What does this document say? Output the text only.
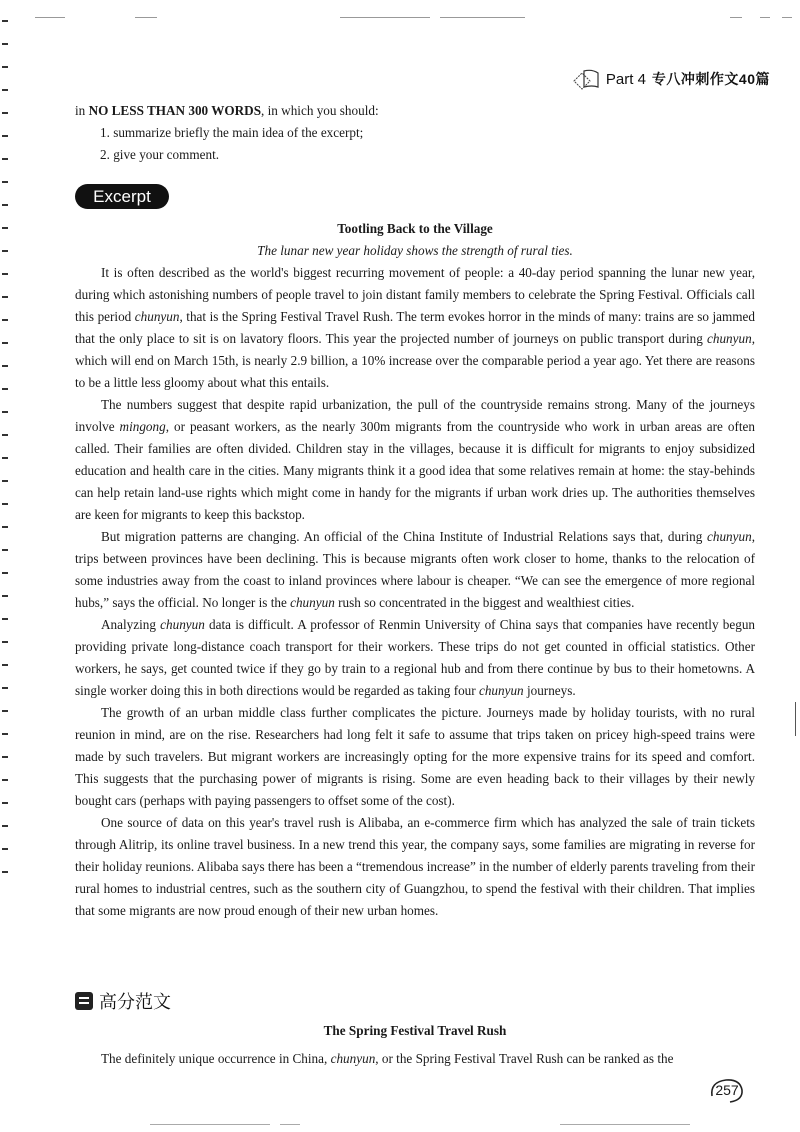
Part 4 专八冲刺作文40篇

in NO LESS THAN 300 WORDS, in which you should:

1. summarize briefly the main idea of the excerpt;

2. give your comment.

Excerpt

Tootling Back to the Village

The lunar new year holiday shows the strength of rural ties.

It is often described as the world's biggest recurring movement of people: a 40-day period spanning the lunar new year, during which astonishing numbers of people travel to join distant family members to celebrate the Spring Festival. Officials call this period chunyun, that is the Spring Festival Travel Rush. The term evokes horror in the minds of many: trains are so jammed that the only place to sit is on lavatory floors. This year the projected number of journeys on public transport during chunyun, which will end on March 15th, is nearly 2.9 billion, a 10% increase over the comparable period a year ago. Yet there are reasons to be a little less gloomy about what this entails.

The numbers suggest that despite rapid urbanization, the pull of the countryside remains strong. Many of the journeys involve mingong, or peasant workers, as the nearly 300m migrants from the countryside who work in urban areas are often called. Their families are often divided. Children stay in the villages, because it is difficult for migrants to enjoy subsidized education and health care in the cities. Many migrants think it a good idea that some relatives remain at home: the stay-behinds can help retain land-use rights which might come in handy for the migrants if urban work dries up. The authorities themselves are keen for migrants to keep this backstop.

But migration patterns are changing. An official of the China Institute of Industrial Relations says that, during chunyun, trips between provinces have been declining. This is because migrants often work closer to home, thanks to the relocation of some industries away from the coast to inland provinces where labour is cheaper. “We can see the emergence of more regional hubs,” says the official. No longer is the chunyun rush so concentrated in the biggest and wealthiest cities.

Analyzing chunyun data is difficult. A professor of Renmin University of China says that companies have recently begun providing private long-distance coach transport for their workers. These trips do not get counted in official statistics. Other workers, he says, get counted twice if they go by train to a regional hub and from there continue by bus to their hometowns. A single worker doing this in both directions would be regarded as taking four chunyun journeys.

The growth of an urban middle class further complicates the picture. Journeys made by holiday tourists, with no rural reunion in mind, are on the rise. Researchers had long felt it safe to assume that trips taken on pricey high-speed trains were made by such travelers. But migrant workers are increasingly opting for the more expensive trains for its speed and comfort. This suggests that the purchasing power of migrants is rising. Some are even heading back to their villages by their newly bought cars (perhaps with paying passengers to offset some of the cost).

One source of data on this year's travel rush is Alibaba, an e-commerce firm which has analyzed the sale of train tickets through Alitrip, its online travel business. In a new trend this year, the company says, some families are migrating in reverse for their holiday reunions. Alibaba says there has been a “tremendous increase” in the number of elderly parents traveling from their rural homes to industrial centres, such as the southern city of Guangzhou, to spend the festival with their children. That implies that some migrants are now proud enough of their new urban homes.

高分范文

The Spring Festival Travel Rush

The definitely unique occurrence in China, chunyun, or the Spring Festival Travel Rush can be ranked as the

257
